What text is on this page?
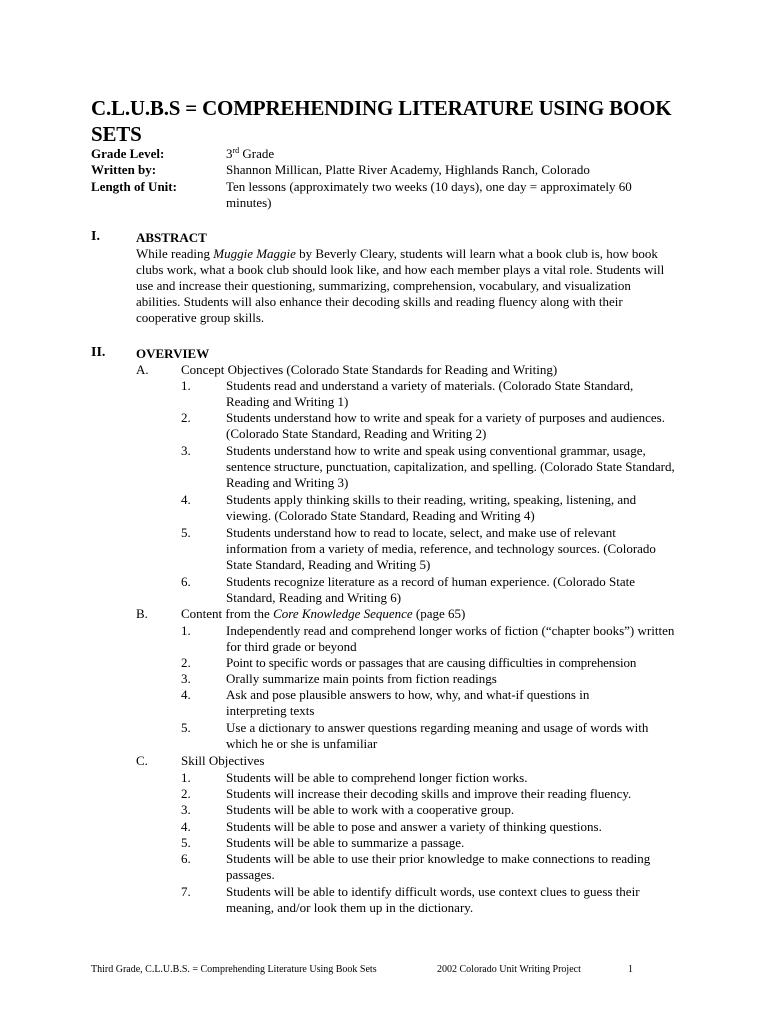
C.L.U.B.S = COMPREHENDING LITERATURE USING BOOK SETS
Grade Level:	3rd Grade
Written by:	Shannon Millican, Platte River Academy, Highlands Ranch, Colorado
Length of Unit:	Ten lessons (approximately two weeks (10 days), one day = approximately 60 minutes)
I.	ABSTRACT
While reading Muggie Maggie by Beverly Cleary, students will learn what a book club is, how book clubs work, what a book club should look like, and how each member plays a vital role. Students will use and increase their questioning, summarizing, comprehension, vocabulary, and visualization abilities. Students will also enhance their decoding skills and reading fluency along with their cooperative group skills.
II. OVERVIEW
A. Concept Objectives (Colorado State Standards for Reading and Writing)
1.	Students read and understand a variety of materials. (Colorado State Standard, Reading and Writing 1)
2.	Students understand how to write and speak for a variety of purposes and audiences. (Colorado State Standard, Reading and Writing 2)
3.	Students understand how to write and speak using conventional grammar, usage, sentence structure, punctuation, capitalization, and spelling. (Colorado State Standard, Reading and Writing 3)
4.	Students apply thinking skills to their reading, writing, speaking, listening, and viewing. (Colorado State Standard, Reading and Writing 4)
5.	Students understand how to read to locate, select, and make use of relevant information from a variety of media, reference, and technology sources. (Colorado State Standard, Reading and Writing 5)
6.	Students recognize literature as a record of human experience. (Colorado State Standard, Reading and Writing 6)
B.	Content from the Core Knowledge Sequence (page 65)
1.	Independently read and comprehend longer works of fiction (“chapter books”) written for third grade or beyond
2.	Point to specific words or passages that are causing difficulties in comprehension
3.	Orally summarize main points from fiction readings
4.	Ask and pose plausible answers to how, why, and what-if questions in interpreting texts
5.	Use a dictionary to answer questions regarding meaning and usage of words with which he or she is unfamiliar
C.	Skill Objectives
1.	Students will be able to comprehend longer fiction works.
2.	Students will increase their decoding skills and improve their reading fluency.
3.	Students will be able to work with a cooperative group.
4.	Students will be able to pose and answer a variety of thinking questions.
5.	Students will be able to summarize a passage.
6.	Students will be able to use their prior knowledge to make connections to reading passages.
7.	Students will be able to identify difficult words, use context clues to guess their meaning, and/or look them up in the dictionary.
Third Grade, C.L.U.B.S. = Comprehending Literature Using Book Sets	2002 Colorado Unit Writing Project	1
